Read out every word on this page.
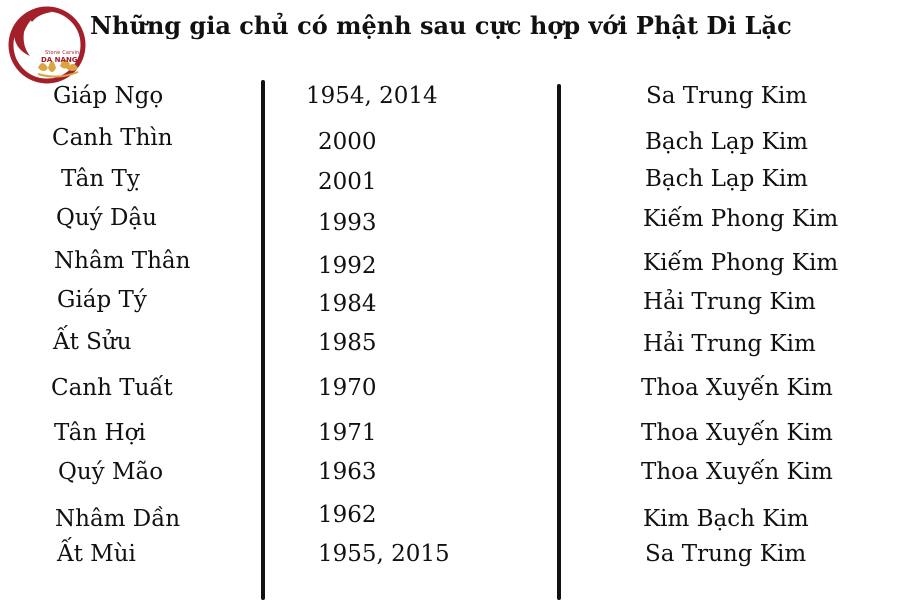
Stone Carving
DA NANG
Những gia chủ có mệnh sau cực hợp với Phật Di Lặc
Giáp Ngọ	1954, 2014	Sa Trung Kim
Canh Thìn	2000	Bạch Lạp Kim
Tân Tỵ	2001	Bạch Lạp Kim
Quý Dậu	1993	Kiếm Phong Kim
Nhâm Thân	1992	Kiếm Phong Kim
Giáp Tý	1984	Hải Trung Kim
Ất Sửu	1985	Hải Trung Kim
Canh Tuất	1970	Thoa Xuyến Kim
Tân Hợi	1971	Thoa Xuyến Kim
Quý Mão	1963	Thoa Xuyến Kim
Nhâm Dần	1962	Kim Bạch Kim
Ất Mùi	1955, 2015	Sa Trung Kim
